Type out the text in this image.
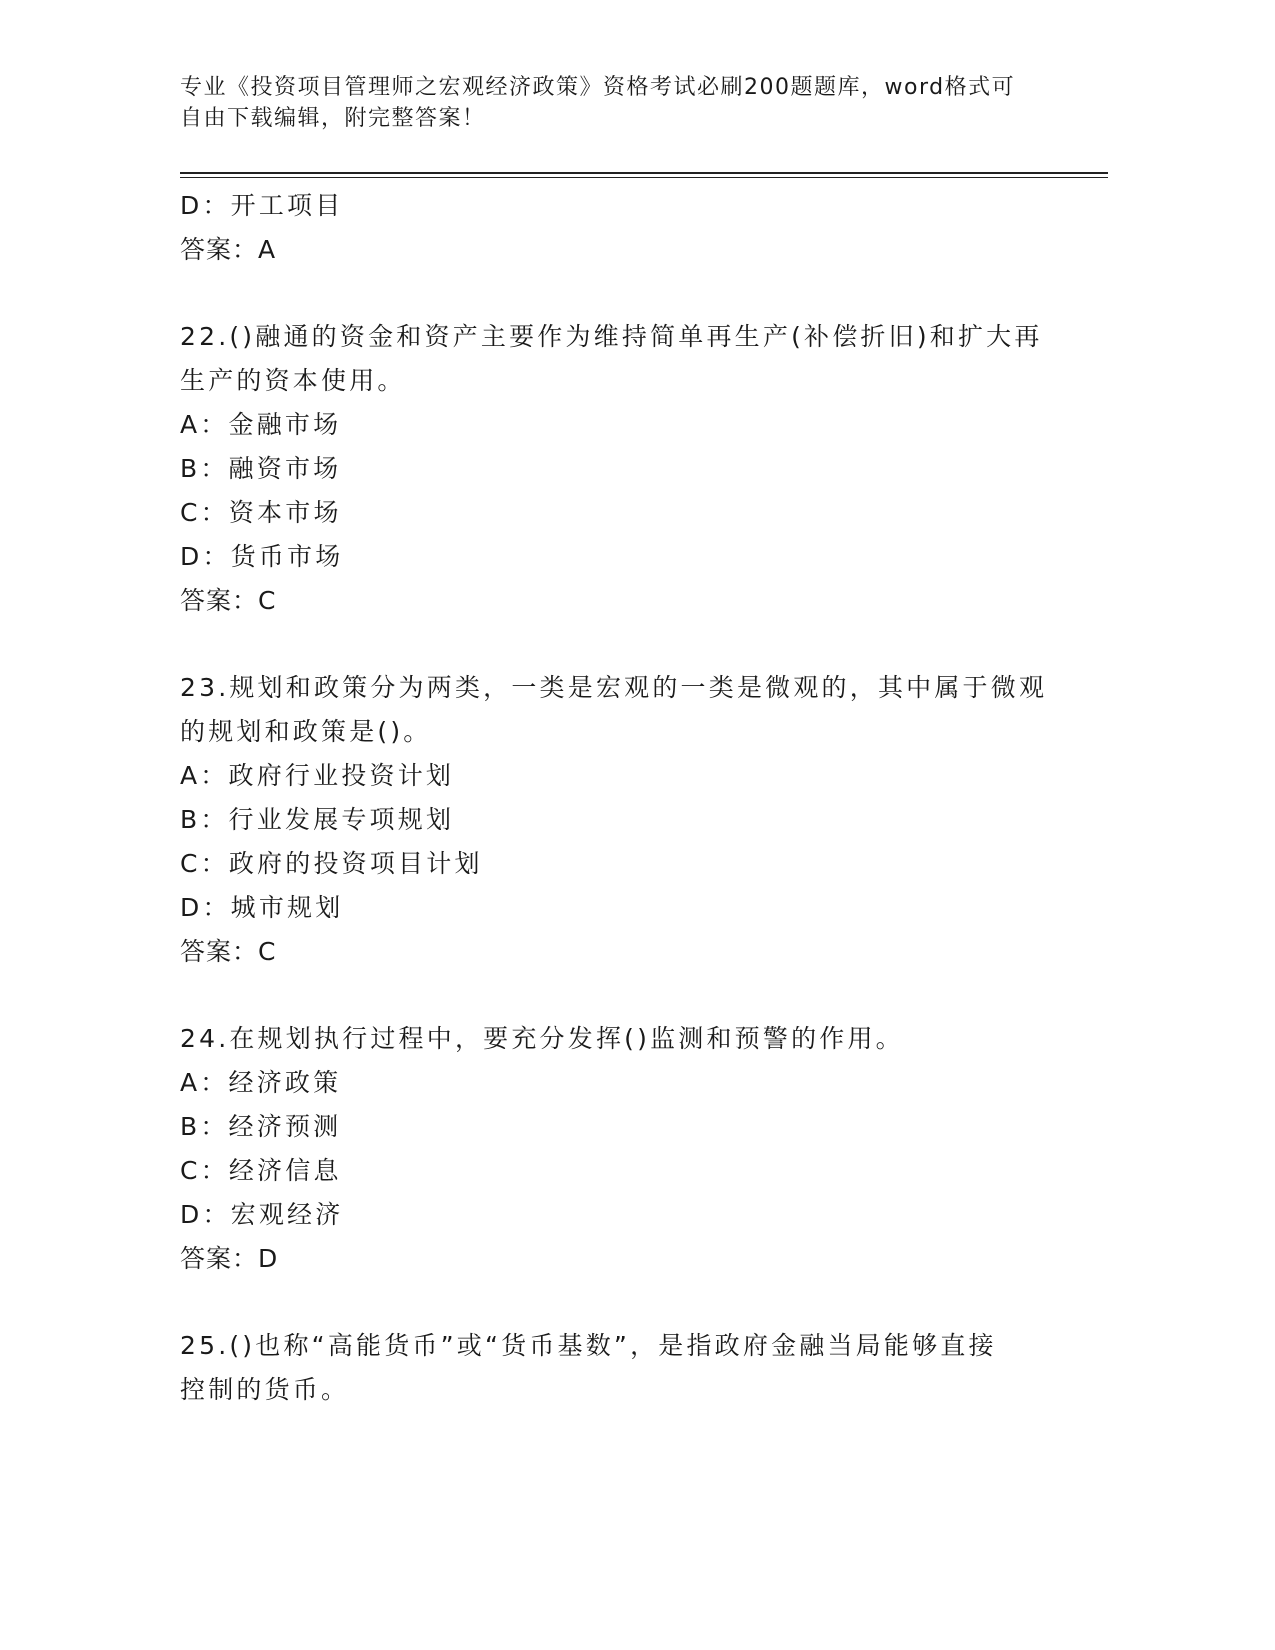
专业《投资项目管理师之宏观经济政策》资格考试必刷200题题库，word格式可
自由下载编辑，附完整答案！
D：开工项目
答案：A
22.()融通的资金和资产主要作为维持简单再生产(补偿折旧)和扩大再
生产的资本使用。
A：金融市场
B：融资市场
C：资本市场
D：货币市场
答案：C
23.规划和政策分为两类，一类是宏观的一类是微观的，其中属于微观
的规划和政策是()。
A：政府行业投资计划
B：行业发展专项规划
C：政府的投资项目计划
D：城市规划
答案：C
24.在规划执行过程中，要充分发挥()监测和预警的作用。
A：经济政策
B：经济预测
C：经济信息
D：宏观经济
答案：D
25.()也称“高能货币”或“货币基数”，是指政府金融当局能够直接
控制的货币。
